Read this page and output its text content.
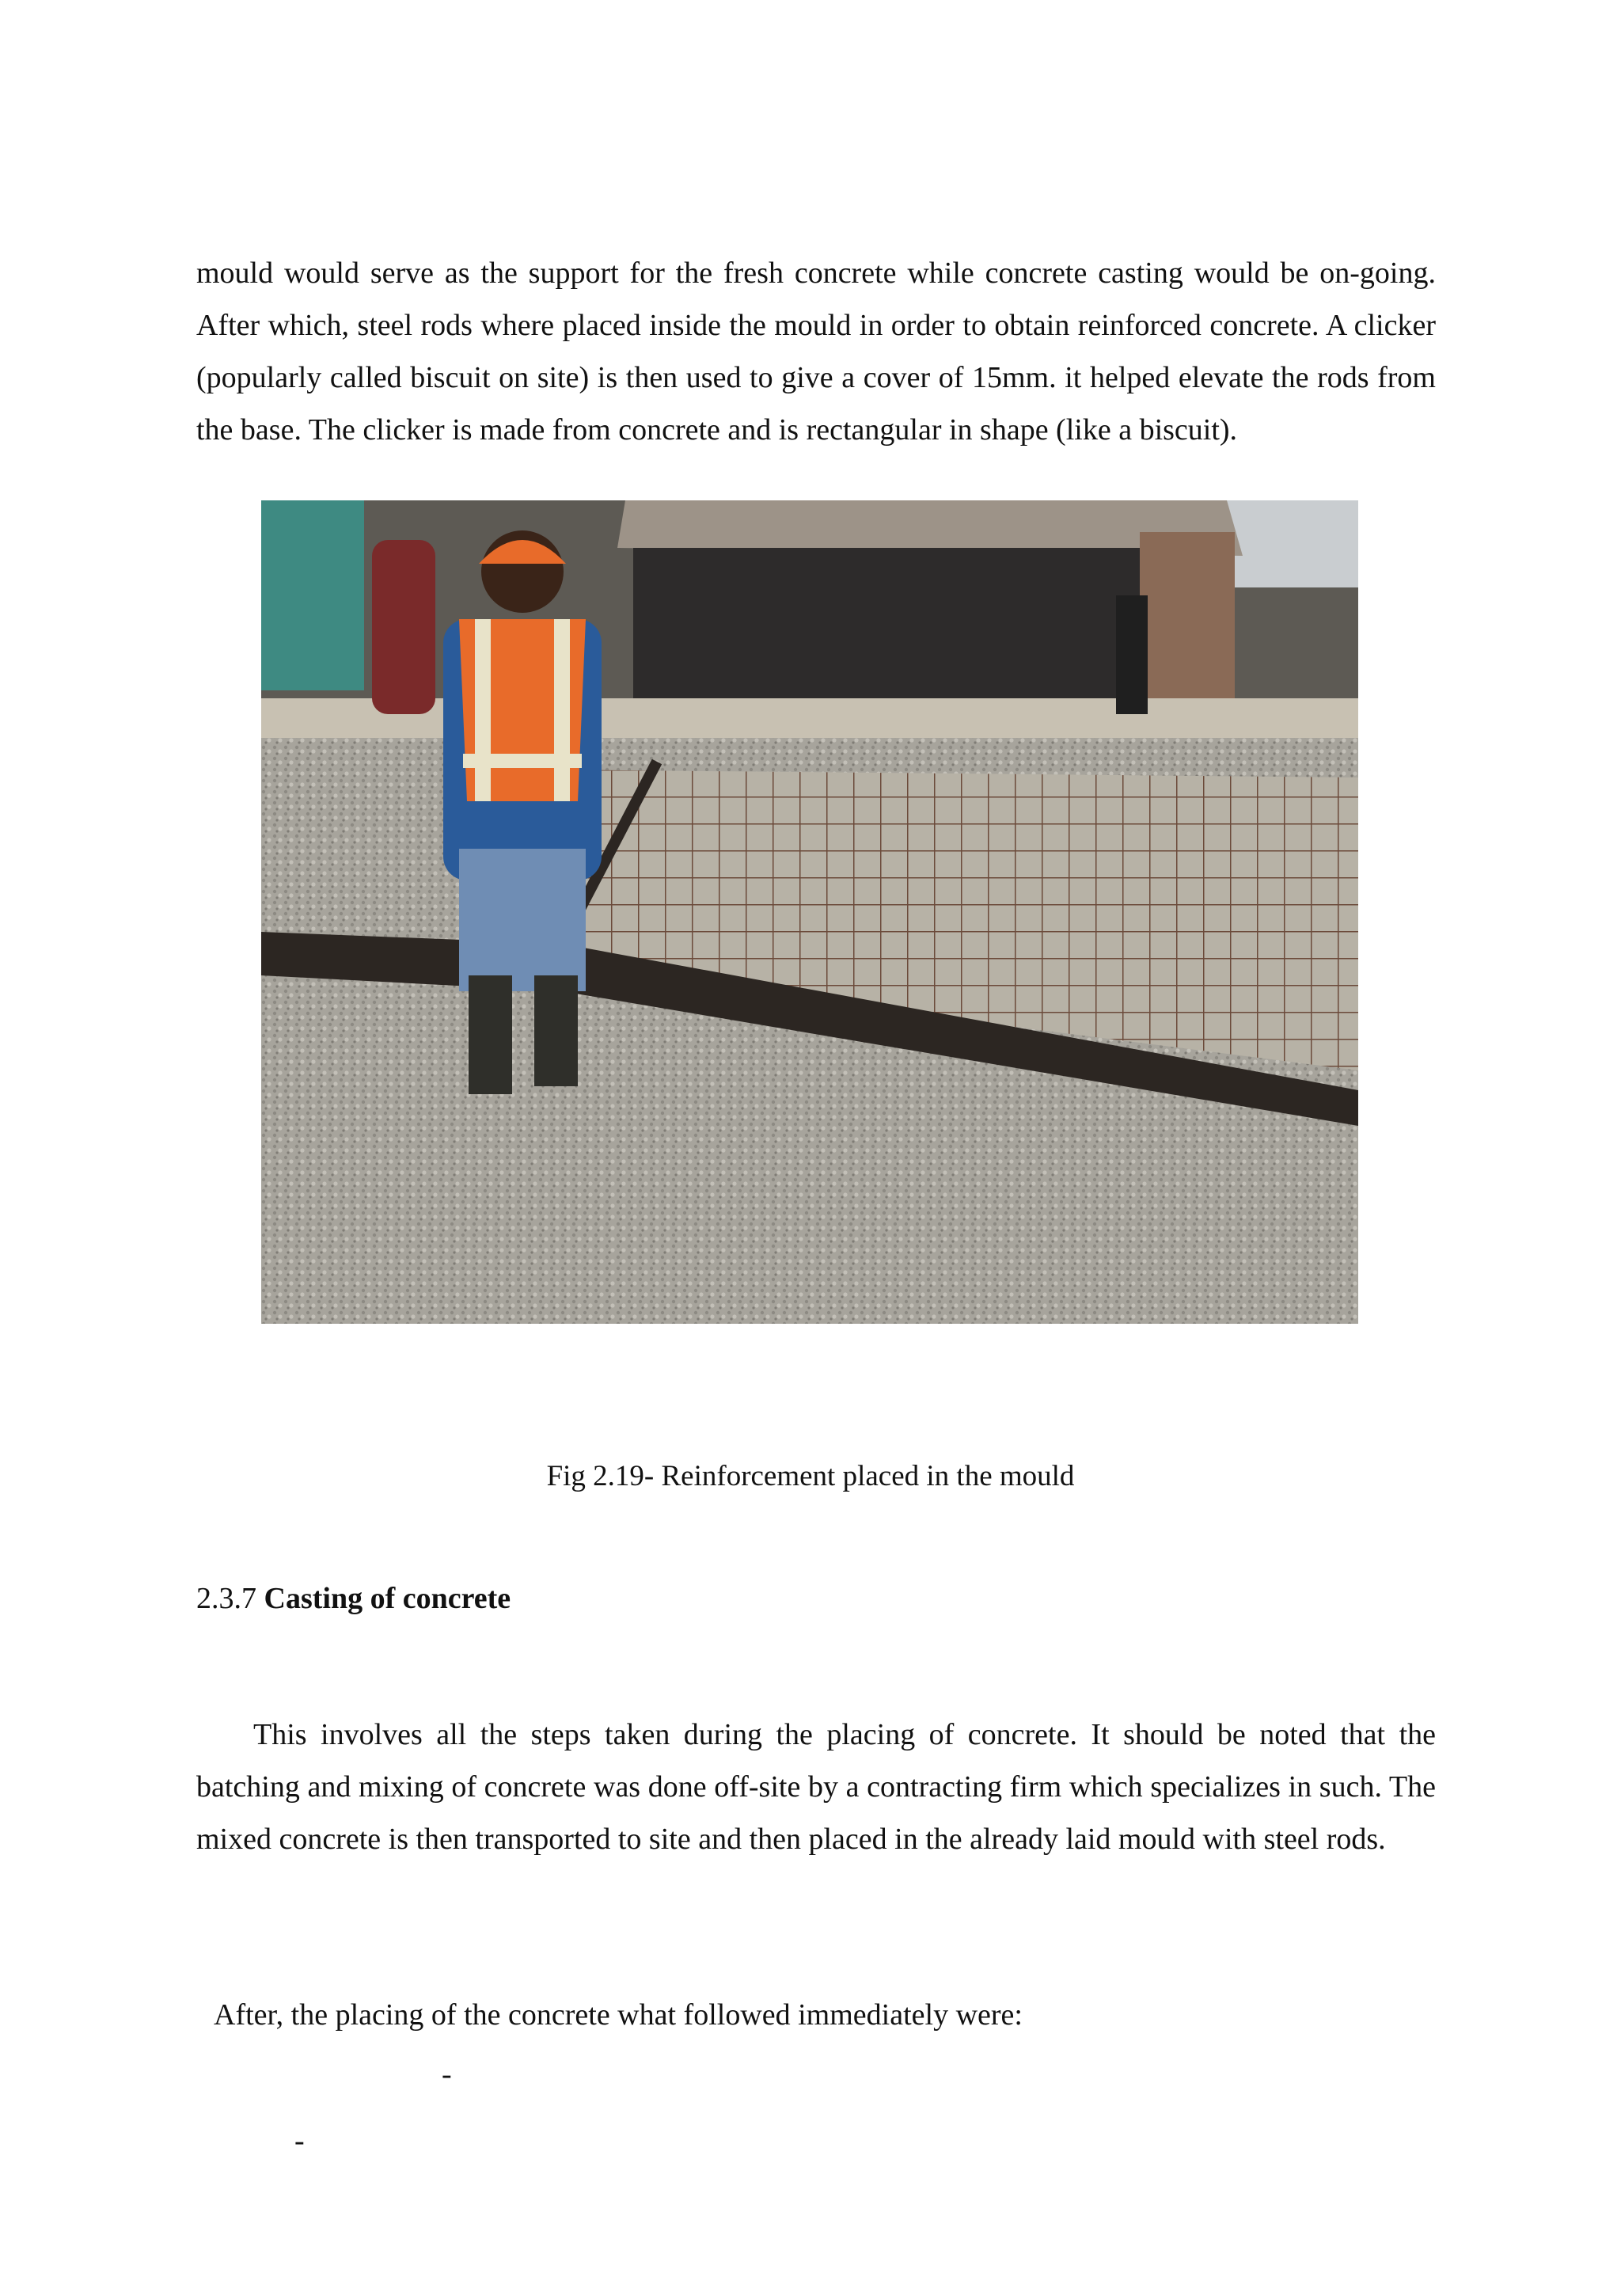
mould would serve as the support for the fresh concrete while concrete casting would be on-going. After which, steel rods where placed inside the mould in order to obtain reinforced concrete. A clicker (popularly called biscuit on site) is then used to give a cover of 15mm. it helped elevate the rods from the base. The clicker is made from concrete and is rectangular in shape (like a biscuit).

Fig 2.19- Reinforcement placed in the mould
2.3.7 Casting of concrete

This involves all the steps taken during the placing of concrete. It should be noted that the batching and mixing of concrete was done off-site by a contracting firm which specializes in such. The mixed concrete is then transported to site and then placed in the already laid mould with steel rods.

After, the placing of the concrete what followed immediately were:
-
-
